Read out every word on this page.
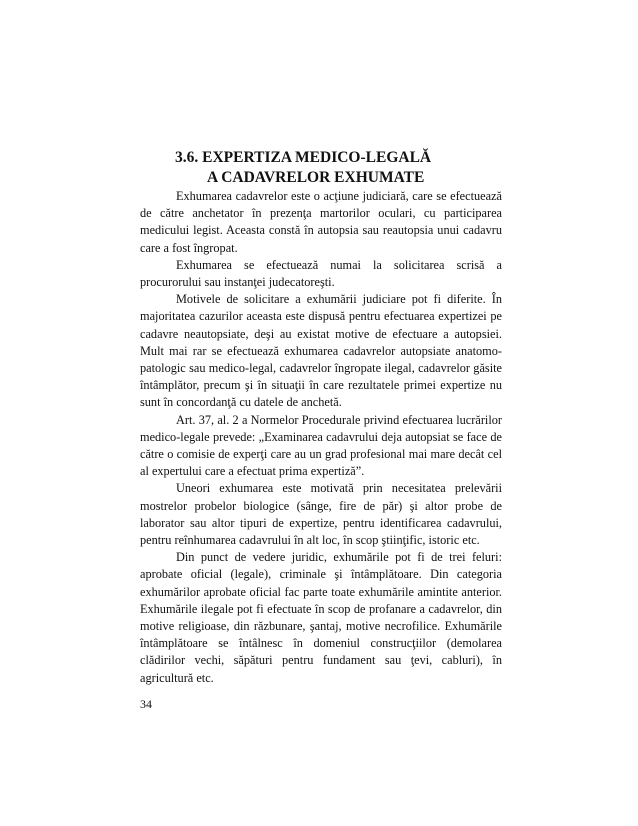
3.6. EXPERTIZA MEDICO-LEGALĂ
A CADAVRELOR EXHUMATE

Exhumarea cadavrelor este o acţiune judiciară, care se efectuează de către anchetator în prezenţa martorilor oculari, cu participarea medicului legist. Aceasta constă în autopsia sau reautopsia unui cadavru care a fost îngropat.

Exhumarea se efectuează numai la solicitarea scrisă a procurorului sau instanţei judecatoreşti.

Motivele de solicitare a exhumării judiciare pot fi diferite. În majoritatea cazurilor aceasta este dispusă pentru efectuarea expertizei pe cadavre neautopsiate, deşi au existat motive de efectuare a autopsiei. Mult mai rar se efectuează exhumarea cadavrelor autopsiate anatomo-patologic sau medico-legal, cadavrelor îngropate ilegal, cadavrelor găsite întâmplător, precum şi în situaţii în care rezultatele primei expertize nu sunt în concordanţă cu datele de anchetă.

Art. 37, al. 2 a Normelor Procedurale privind efectuarea lucrărilor medico-legale prevede: „Examinarea cadavrului deja autopsiat se face de către o comisie de experţi care au un grad profesional mai mare decât cel al expertului care a efectuat prima expertiză”.

Uneori exhumarea este motivată prin necesitatea prelevării mostrelor probelor biologice (sânge, fire de păr) şi altor probe de laborator sau altor tipuri de expertize, pentru identificarea cadavrului, pentru reînhumarea cadavrului în alt loc, în scop ştiinţific, istoric etc.

Din punct de vedere juridic, exhumările pot fi de trei feluri: aprobate oficial (legale), criminale şi întâmplătoare. Din categoria exhumărilor aprobate oficial fac parte toate exhumările amintite anterior. Exhumările ilegale pot fi efectuate în scop de profanare a cadavrelor, din motive religioase, din răzbunare, şantaj, motive necrofilice. Exhumările întâmplătoare se întâlnesc în domeniul construcţiilor (demolarea clădirilor vechi, săpături pentru fundament sau ţevi, cabluri), în agricultură etc.

34
